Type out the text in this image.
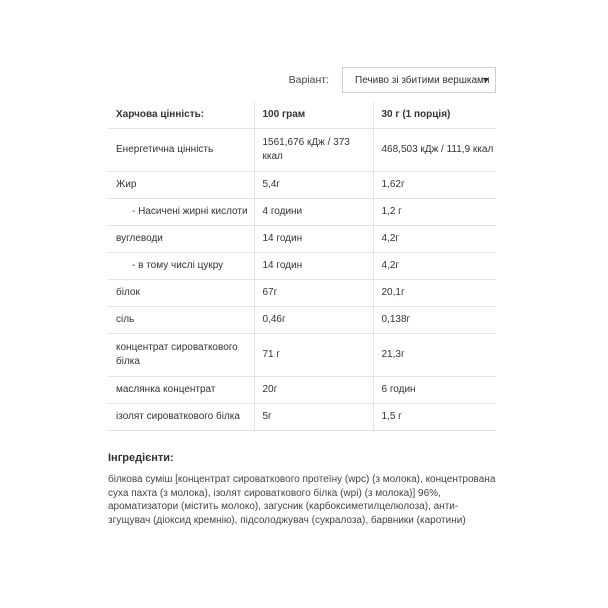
Варіант:	Печиво зі збитими вершками
Харчова цінність:	100 грам	30 г (1 порція)
Енергетична цінність	1561,676 кДж / 373 ккал	468,503 кДж / 111,9 ккал
Жир	5,4г	1,62г
- Насичені жирні кислоти	4 години	1,2 г
вуглеводи	14 годин	4,2г
- в тому числі цукру	14 годин	4,2г
білок	67г	20,1г
сіль	0,46г	0,138г
концентрат сироваткового білка	71 г	21,3г
маслянка концентрат	20г	6 годин
ізолят сироваткового білка	5г	1,5 г

Інгредієнти:

білкова суміш [концентрат сироваткового протеїну (wpc) (з молока), концентрована суха пахта (з молока), ізолят сироваткового білка (wpi) (з молока)] 96%, ароматизатори (містить молоко), загусник (карбоксиметилцелюлоза), анти- згущувач (діоксид кремнію), підсолоджувач (сукралоза), барвники (каротини)
